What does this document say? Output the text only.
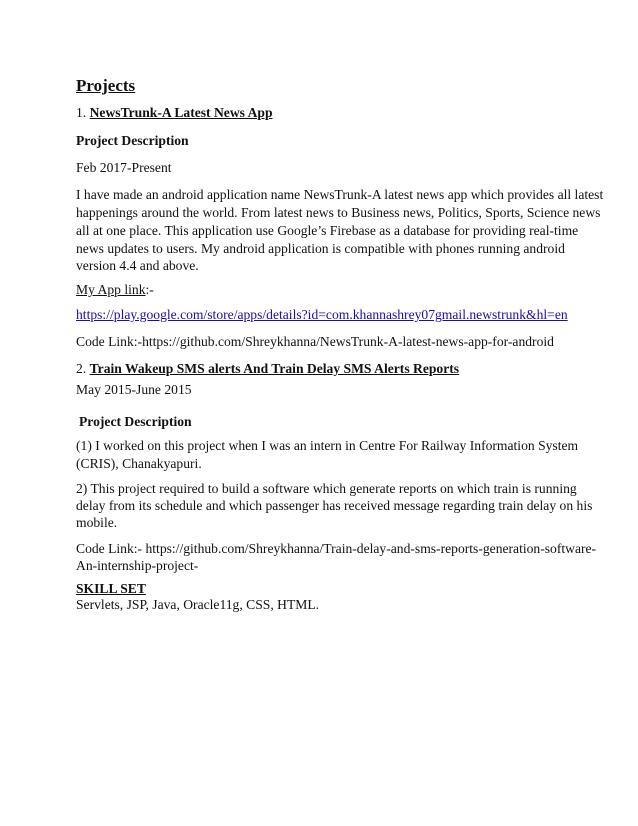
Projects
1. NewsTrunk-A Latest News App
Project Description
Feb 2017-Present
I have made an android application name NewsTrunk-A latest news app which provides all latest
happenings around the world. From latest news to Business news, Politics, Sports, Science news
all at one place. This application use Google’s Firebase as a database for providing real-time
news updates to users. My android application is compatible with phones running android
version 4.4 and above.
My App link:-
https://play.google.com/store/apps/details?id=com.khannashrey07gmail.newstrunk&hl=en
Code Link:-https://github.com/Shreykhanna/NewsTrunk-A-latest-news-app-for-android
2. Train Wakeup SMS alerts And Train Delay SMS Alerts Reports
May 2015-June 2015
Project Description
(1) I worked on this project when I was an intern in Centre For Railway Information System
(CRIS), Chanakyapuri.
2) This project required to build a software which generate reports on which train is running
delay from its schedule and which passenger has received message regarding train delay on his
mobile.
Code Link:- https://github.com/Shreykhanna/Train-delay-and-sms-reports-generation-software-
An-internship-project-
SKILL SET
Servlets, JSP, Java, Oracle11g, CSS, HTML.
